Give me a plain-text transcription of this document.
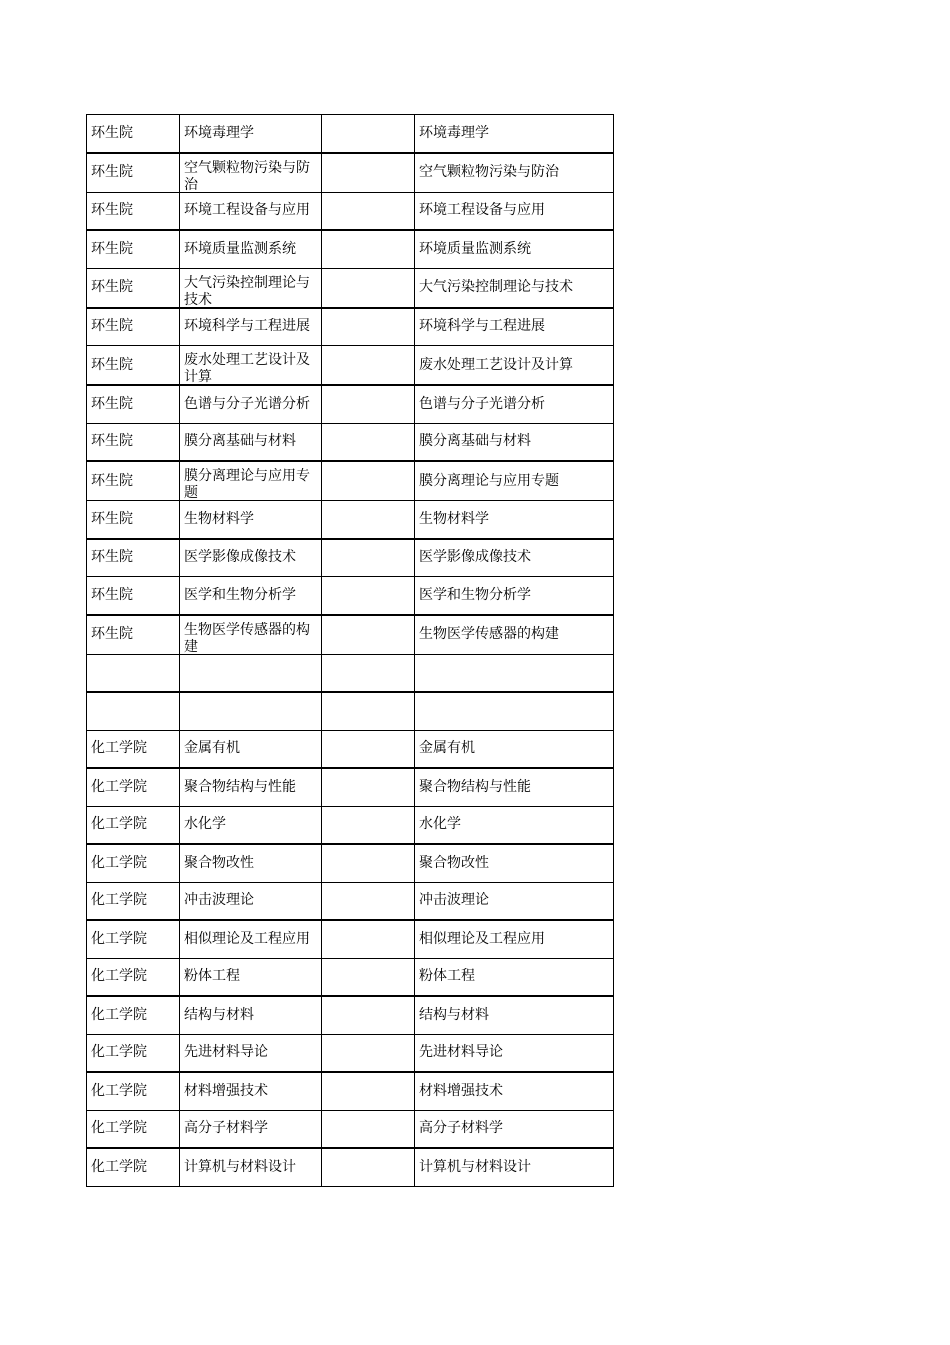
环生院	环境毒理学		环境毒理学
环生院	空气颗粒物污染与防治		空气颗粒物污染与防治
环生院	环境工程设备与应用		环境工程设备与应用
环生院	环境质量监测系统		环境质量监测系统
环生院	大气污染控制理论与技术		大气污染控制理论与技术
环生院	环境科学与工程进展		环境科学与工程进展
环生院	废水处理工艺设计及计算		废水处理工艺设计及计算
环生院	色谱与分子光谱分析		色谱与分子光谱分析
环生院	膜分离基础与材料		膜分离基础与材料
环生院	膜分离理论与应用专题		膜分离理论与应用专题
环生院	生物材料学		生物材料学
环生院	医学影像成像技术		医学影像成像技术
环生院	医学和生物分析学		医学和生物分析学
环生院	生物医学传感器的构建		生物医学传感器的构建

化工学院	金属有机		金属有机
化工学院	聚合物结构与性能		聚合物结构与性能
化工学院	水化学		水化学
化工学院	聚合物改性		聚合物改性
化工学院	冲击波理论		冲击波理论
化工学院	相似理论及工程应用		相似理论及工程应用
化工学院	粉体工程		粉体工程
化工学院	结构与材料		结构与材料
化工学院	先进材料导论		先进材料导论
化工学院	材料增强技术		材料增强技术
化工学院	高分子材料学		高分子材料学
化工学院	计算机与材料设计		计算机与材料设计
